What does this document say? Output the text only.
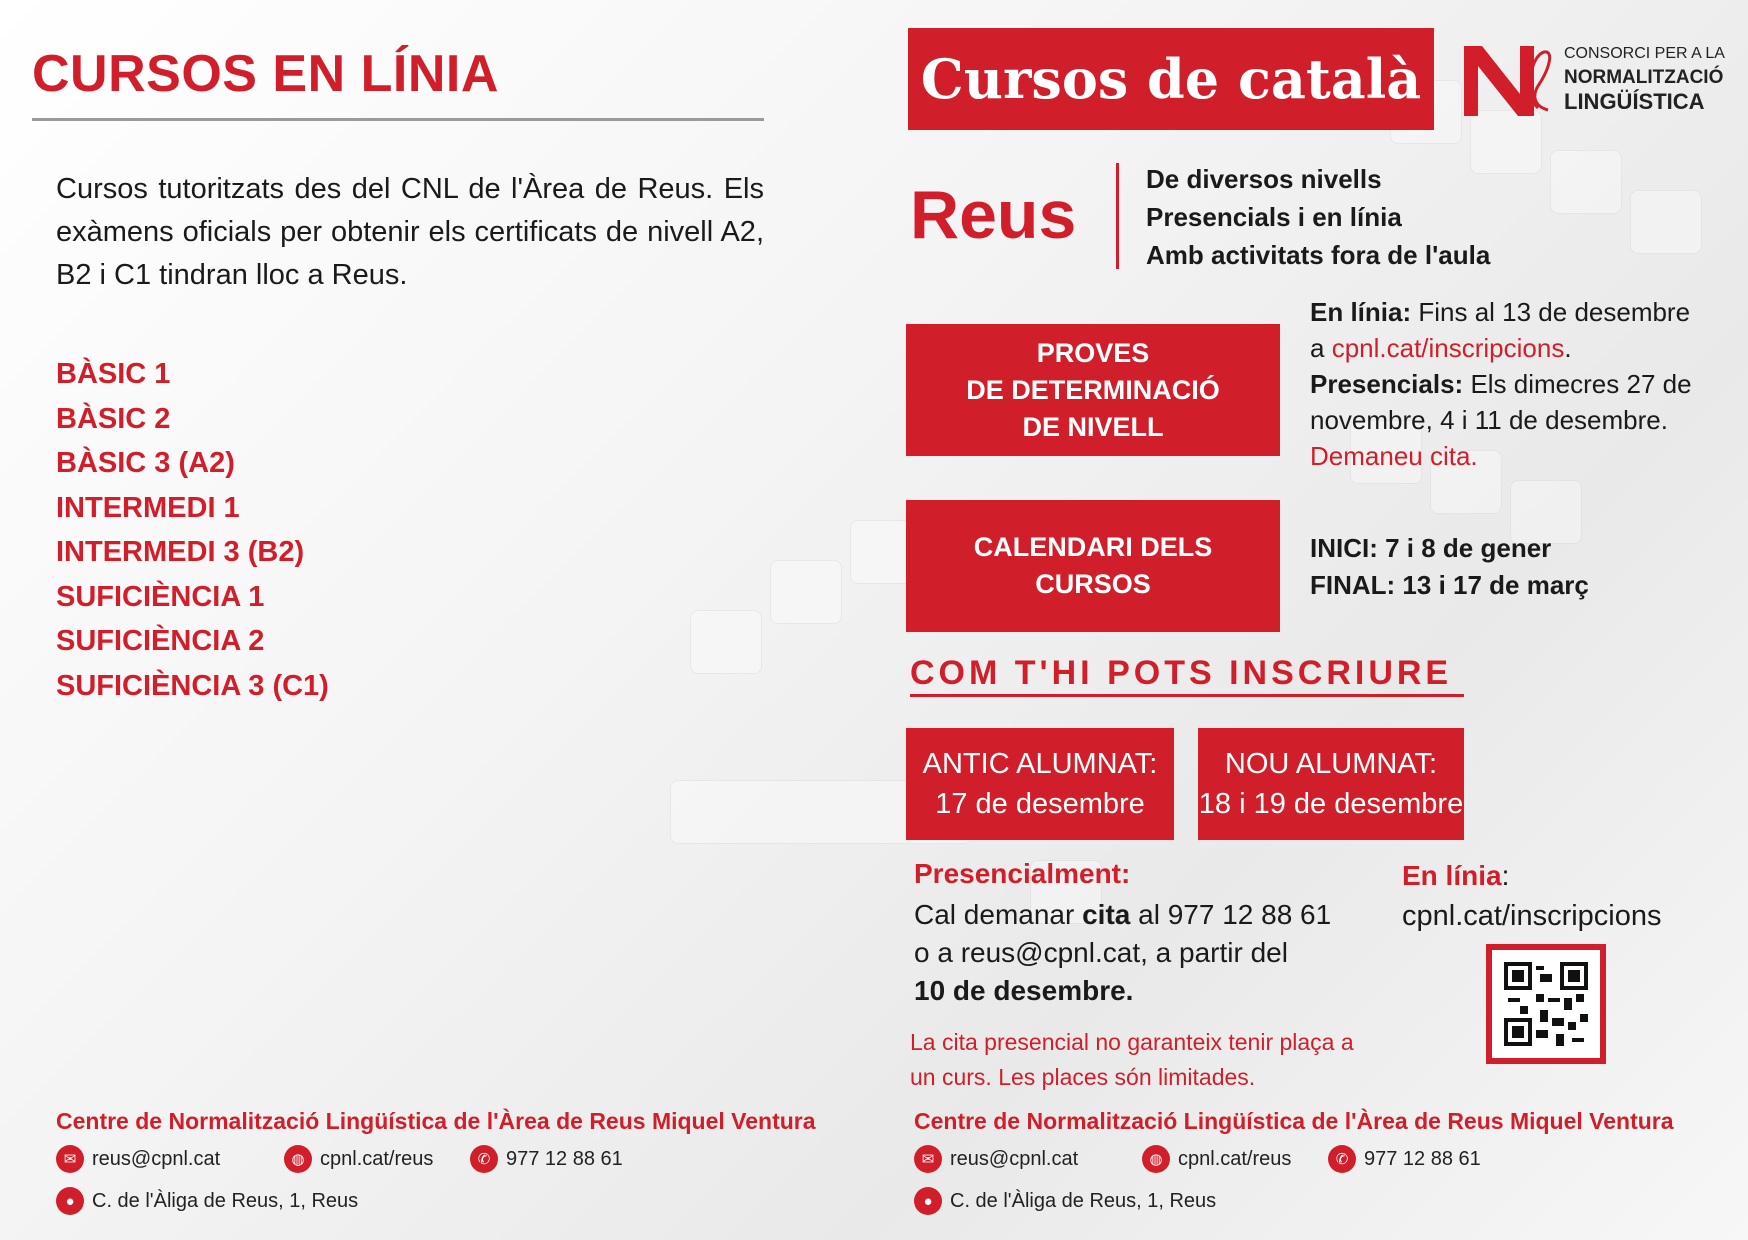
CURSOS EN LÍNIA
Cursos tutoritzats des del CNL de l'Àrea de Reus. Els exàmens oficials per obtenir els certificats de nivell A2, B2 i C1 tindran lloc a Reus.
BÀSIC 1
BÀSIC 2
BÀSIC 3 (A2)
INTERMEDI 1
INTERMEDI 3 (B2)
SUFICIÈNCIA 1
SUFICIÈNCIA 2
SUFICIÈNCIA 3 (C1)
Cursos de català	CONSORCI PER A LA
NORMALITZACIÓ
LINGÜÍSTICA
Reus	De diversos nivells
Presencials i en línia
Amb activitats fora de l'aula
PROVES
DE DETERMINACIÓ
DE NIVELL
En línia: Fins al 13 de desembre a cpnl.cat/inscripcions.
Presencials: Els dimecres 27 de novembre, 4 i 11 de desembre.
Demaneu cita.
CALENDARI DELS
CURSOS
INICI: 7 i 8 de gener
FINAL: 13 i 17 de març
COM T'HI POTS INSCRIURE
ANTIC ALUMNAT:
17 de desembre
NOU ALUMNAT:
18 i 19 de desembre
Presencialment:
Cal demanar cita al 977 12 88 61
o a reus@cpnl.cat, a partir del
10 de desembre.
La cita presencial no garanteix tenir plaça a un curs. Les places són limitades.
En línia:
cpnl.cat/inscripcions
Centre de Normalització Lingüística de l'Àrea de Reus Miquel Ventura
✉ reus@cpnl.cat	◍ cpnl.cat/reus	✆ 977 12 88 61
● C. de l'Àliga de Reus, 1, Reus
Centre de Normalització Lingüística de l'Àrea de Reus Miquel Ventura
✉ reus@cpnl.cat	◍ cpnl.cat/reus	✆ 977 12 88 61
● C. de l'Àliga de Reus, 1, Reus
